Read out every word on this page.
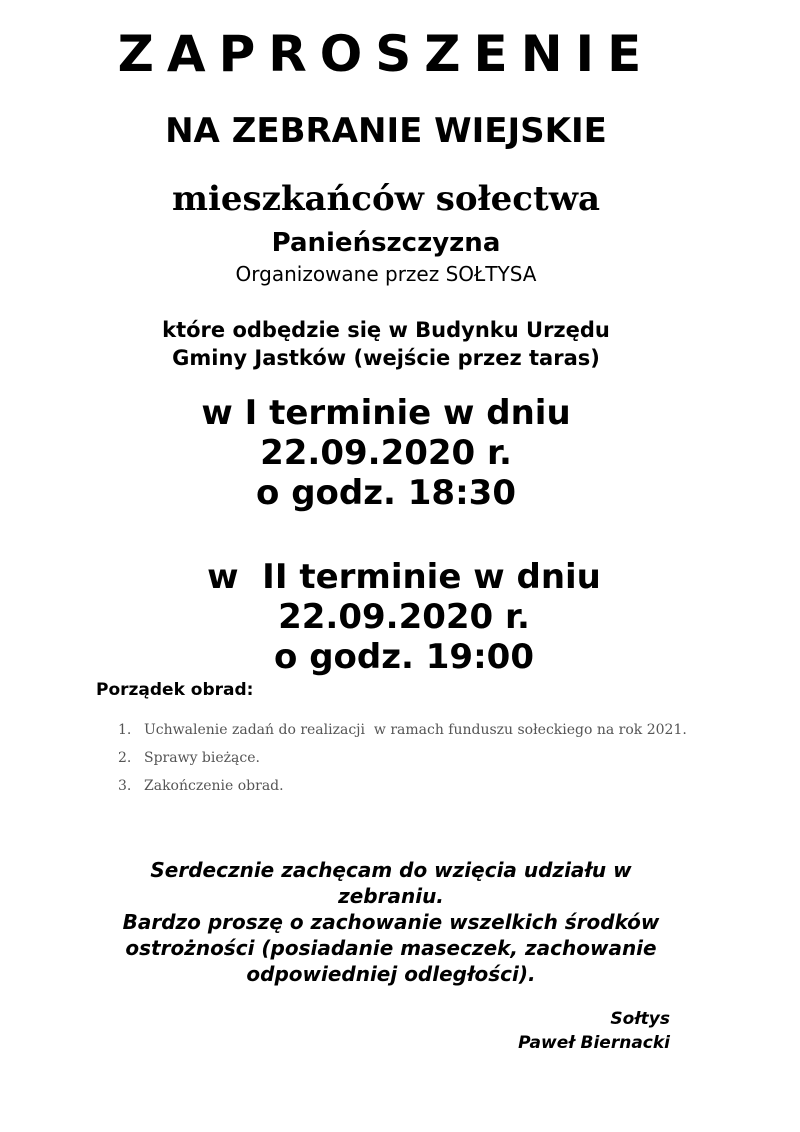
ZAPROSZENIE
NA ZEBRANIE WIEJSKIE
mieszkańców sołectwa
Panieńszczyzna
Organizowane przez SOŁTYSA
które odbędzie się w Budynku Urzędu
Gminy Jastków (wejście przez taras)
w I terminie w dniu
22.09.2020 r.
o godz. 18:30
w  II terminie w dniu
22.09.2020 r.
o godz. 19:00
Porządek obrad:
1. Uchwalenie zadań do realizacji  w ramach funduszu sołeckiego na rok 2021.
2. Sprawy bieżące.
3. Zakończenie obrad.
Serdecznie zachęcam do wzięcia udziału w
zebraniu.
Bardzo proszę o zachowanie wszelkich środków
ostrożności (posiadanie maseczek, zachowanie
odpowiedniej odległości).
Sołtys
Paweł Biernacki
